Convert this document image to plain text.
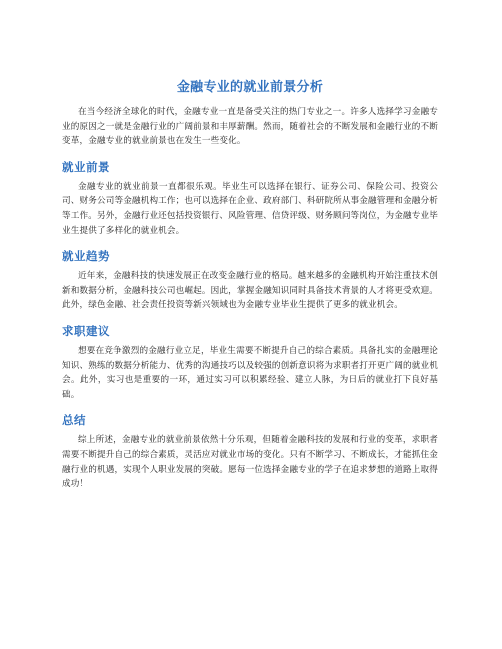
金融专业的就业前景分析

在当今经济全球化的时代，金融专业一直是备受关注的热门专业之一。许多人选择学习金融专业的原因之一就是金融行业的广阔前景和丰厚薪酬。然而，随着社会的不断发展和金融行业的不断变革，金融专业的就业前景也在发生一些变化。

就业前景

金融专业的就业前景一直都很乐观。毕业生可以选择在银行、证券公司、保险公司、投资公司、财务公司等金融机构工作；也可以选择在企业、政府部门、科研院所从事金融管理和金融分析等工作。另外，金融行业还包括投资银行、风险管理、信贷评级、财务顾问等岗位，为金融专业毕业生提供了多样化的就业机会。

就业趋势

近年来，金融科技的快速发展正在改变金融行业的格局。越来越多的金融机构开始注重技术创新和数据分析，金融科技公司也崛起。因此，掌握金融知识同时具备技术背景的人才将更受欢迎。此外，绿色金融、社会责任投资等新兴领域也为金融专业毕业生提供了更多的就业机会。

求职建议

想要在竞争激烈的金融行业立足，毕业生需要不断提升自己的综合素质。具备扎实的金融理论知识、熟练的数据分析能力、优秀的沟通技巧以及较强的创新意识将为求职者打开更广阔的就业机会。此外，实习也是重要的一环，通过实习可以积累经验、建立人脉，为日后的就业打下良好基础。

总结

综上所述，金融专业的就业前景依然十分乐观，但随着金融科技的发展和行业的变革，求职者需要不断提升自己的综合素质，灵活应对就业市场的变化。只有不断学习、不断成长，才能抓住金融行业的机遇，实现个人职业发展的突破。愿每一位选择金融专业的学子在追求梦想的道路上取得成功！
